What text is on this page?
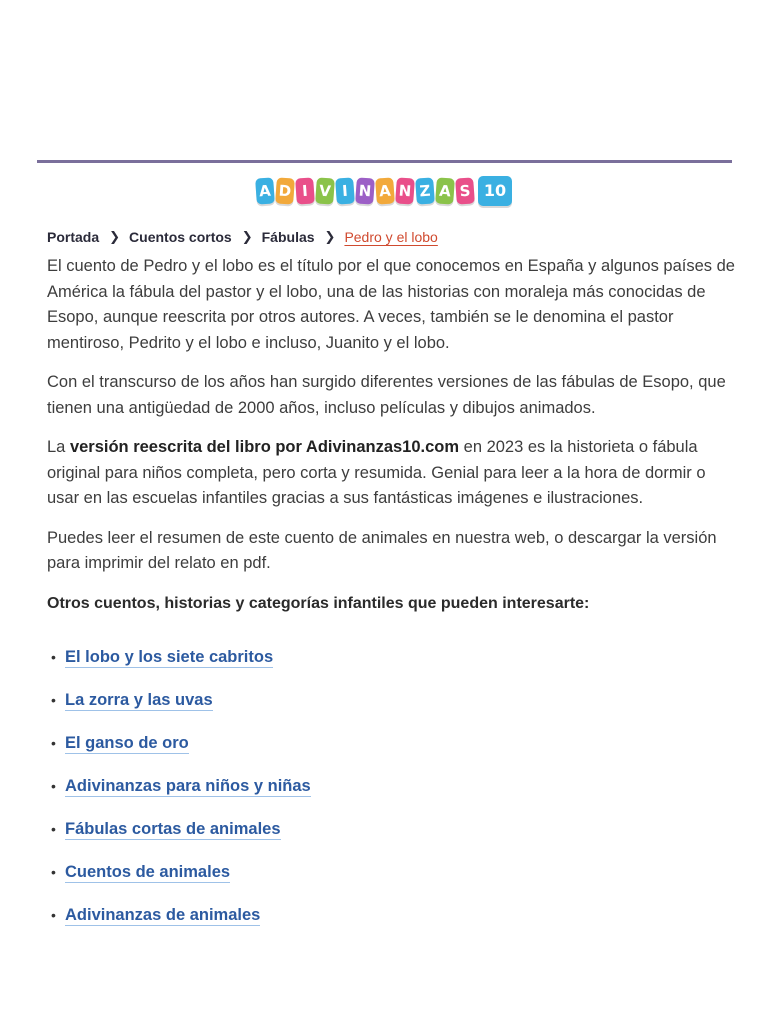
A D I V I N A N Z A S 10
Portada ❯ Cuentos cortos ❯ Fábulas ❯ Pedro y el lobo

El cuento de Pedro y el lobo es el título por el que conocemos en España y algunos países de América la fábula del pastor y el lobo, una de las historias con moraleja más conocidas de Esopo, aunque reescrita por otros autores. A veces, también se le denomina el pastor mentiroso, Pedrito y el lobo e incluso, Juanito y el lobo.

Con el transcurso de los años han surgido diferentes versiones de las fábulas de Esopo, que tienen una antigüedad de 2000 años, incluso películas y dibujos animados.

La versión reescrita del libro por Adivinanzas10.com en 2023 es la historieta o fábula original para niños completa, pero corta y resumida. Genial para leer a la hora de dormir o usar en las escuelas infantiles gracias a sus fantásticas imágenes e ilustraciones.

Puedes leer el resumen de este cuento de animales en nuestra web, o descargar la versión para imprimir del relato en pdf.

Otros cuentos, historias y categorías infantiles que pueden interesarte:
• El lobo y los siete cabritos
• La zorra y las uvas
• El ganso de oro
• Adivinanzas para niños y niñas
• Fábulas cortas de animales
• Cuentos de animales
• Adivinanzas de animales
